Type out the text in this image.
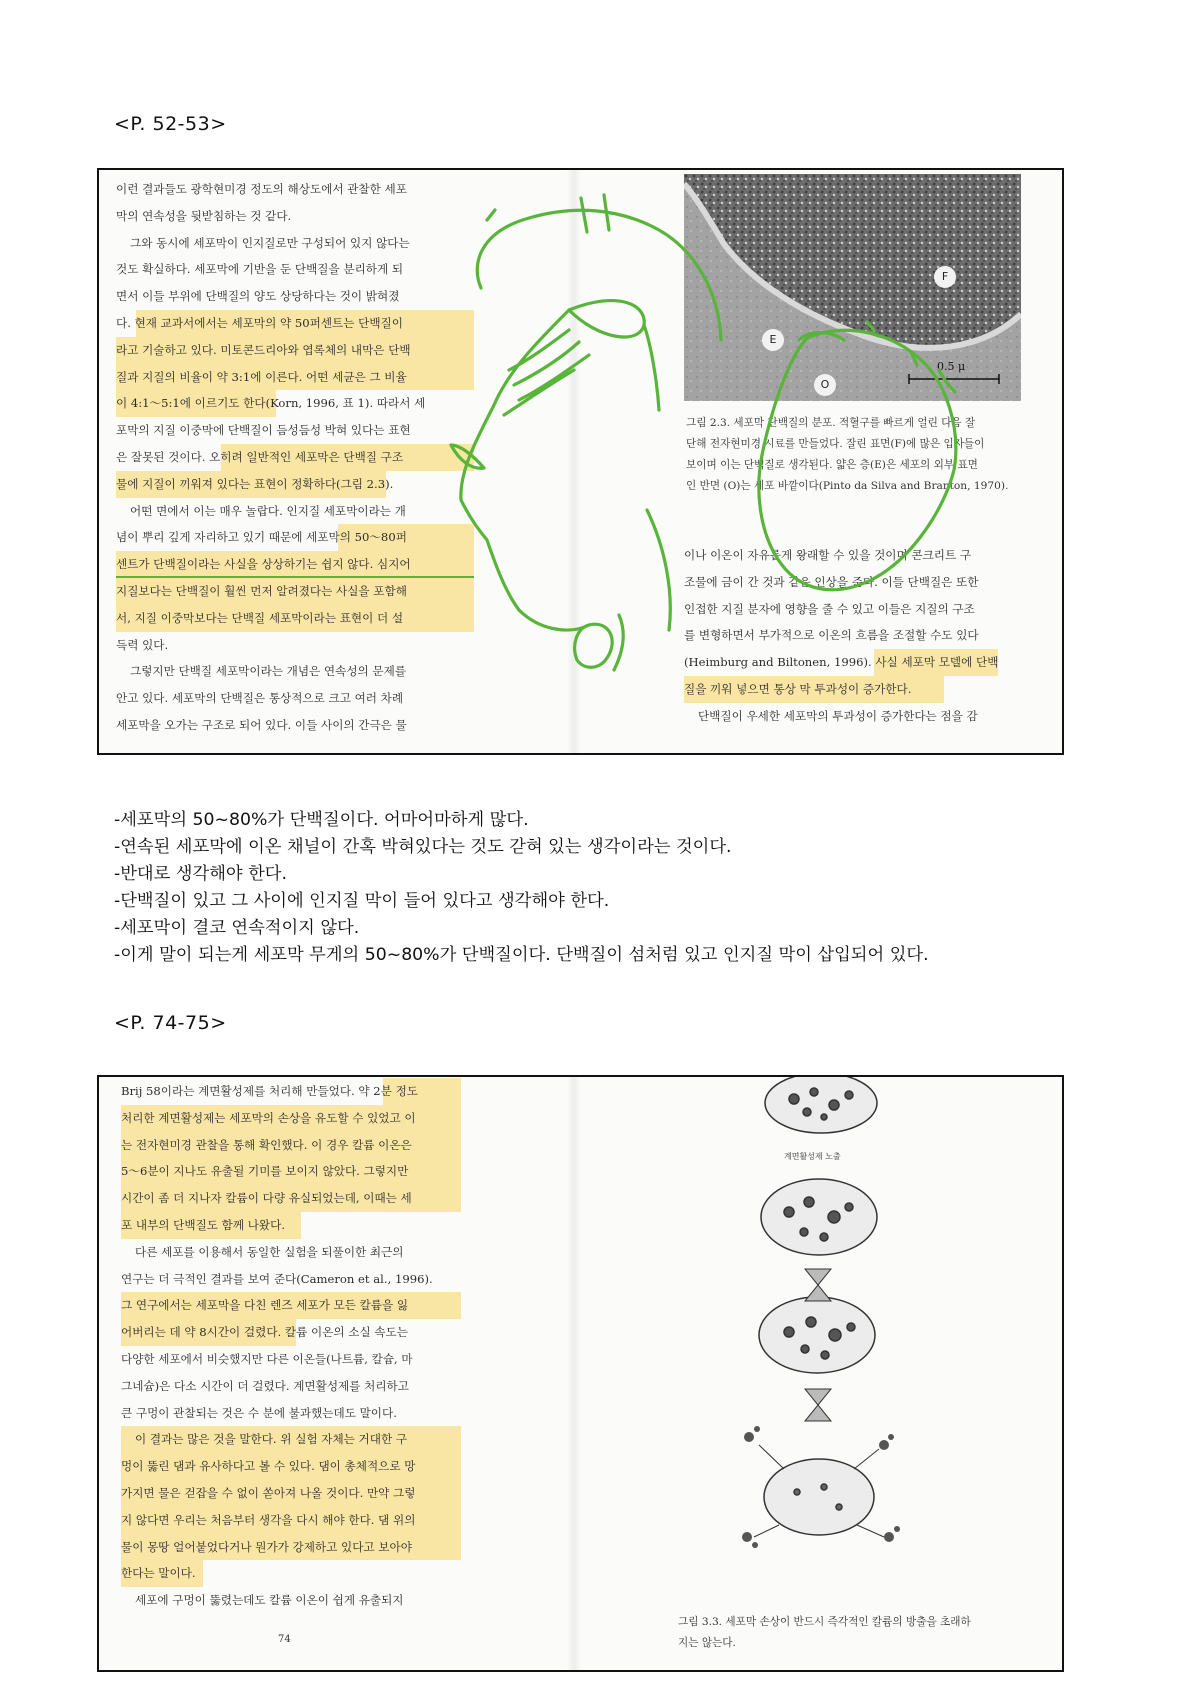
<P. 52-53>
이런 결과들도 광학현미경 정도의 해상도에서 관찰한 세포
막의 연속성을 뒷받침하는 것 같다.
그와 동시에 세포막이 인지질로만 구성되어 있지 않다는
것도 확실하다. 세포막에 기반을 둔 단백질을 분리하게 되
면서 이들 부위에 단백질의 양도 상당하다는 것이 밝혀졌
다. 현재 교과서에서는 세포막의 약 50퍼센트는 단백질이
라고 기술하고 있다. 미토콘드리아와 엽록체의 내막은 단백
질과 지질의 비율이 약 3:1에 이른다. 어떤 세균은 그 비율
이 4:1～5:1에 이르기도 한다(Korn, 1996, 표 1). 따라서 세
포막의 지질 이중막에 단백질이 듬성듬성 박혀 있다는 표현
은 잘못된 것이다. 오히려 일반적인 세포막은 단백질 구조
물에 지질이 끼워져 있다는 표현이 정확하다(그림 2.3).
어떤 면에서 이는 매우 놀랍다. 인지질 세포막이라는 개
념이 뿌리 깊게 자리하고 있기 때문에 세포막의 50～80퍼
센트가 단백질이라는 사실을 상상하기는 쉽지 않다. 심지어
지질보다는 단백질이 훨씬 먼저 알려졌다는 사실을 포함해
서, 지질 이중막보다는 단백질 세포막이라는 표현이 더 설
득력 있다.
그렇지만 단백질 세포막이라는 개념은 연속성의 문제를
안고 있다. 세포막의 단백질은 통상적으로 크고 여러 차례
세포막을 오가는 구조로 되어 있다. 이들 사이의 간극은 물
F
E
O
0.5 μ
그림 2.3. 세포막 단백질의 분포. 적혈구를 빠르게 얼린 다음 잘
단해 전자현미경 시료를 만들었다. 잘린 표면(F)에 많은 입자들이
보이며 이는 단백질로 생각된다. 얇은 층(E)은 세포의 외부 표면
인 반면 (O)는 세포 바깥이다(Pinto da Silva and Branton, 1970).
이나 이온이 자유롭게 왕래할 수 있을 것이며 콘크리트 구
조물에 금이 간 것과 같은 인상을 준다. 이들 단백질은 또한
인접한 지질 분자에 영향을 줄 수 있고 이들은 지질의 구조
를 변형하면서 부가적으로 이온의 흐름을 조절할 수도 있다
(Heimburg and Biltonen, 1996). 사실 세포막 모델에 단백
질을 끼워 넣으면 통상 막 투과성이 증가한다.
단백질이 우세한 세포막의 투과성이 증가한다는 점을 감
-세포막의 50~80%가 단백질이다. 어마어마하게 많다.
-연속된 세포막에 이온 채널이 간혹 박혀있다는 것도 갇혀 있는 생각이라는 것이다.
-반대로 생각해야 한다.
-단백질이 있고 그 사이에 인지질 막이 들어 있다고 생각해야 한다.
-세포막이 결코 연속적이지 않다.
-이게 말이 되는게 세포막 무게의 50~80%가 단백질이다. 단백질이 섬처럼 있고 인지질 막이 삽입되어 있다.
<P. 74-75>
Brij 58이라는 계면활성제를 처리해 만들었다. 약 2분 정도
처리한 계면활성제는 세포막의 손상을 유도할 수 있었고 이
는 전자현미경 관찰을 통해 확인했다. 이 경우 칼륨 이온은
5～6분이 지나도 유출될 기미를 보이지 않았다. 그렇지만
시간이 좀 더 지나자 칼륨이 다량 유실되었는데, 이때는 세
포 내부의 단백질도 함께 나왔다.
다른 세포를 이용해서 동일한 실험을 되풀이한 최근의
연구는 더 극적인 결과를 보여 준다(Cameron et al., 1996).
그 연구에서는 세포막을 다친 렌즈 세포가 모든 칼륨을 잃
어버리는 데 약 8시간이 걸렸다. 칼륨 이온의 소실 속도는
다양한 세포에서 비슷했지만 다른 이온들(나트륨, 칼슘, 마
그네슘)은 다소 시간이 더 걸렸다. 계면활성제를 처리하고
큰 구멍이 관찰되는 것은 수 분에 불과했는데도 말이다.
이 결과는 많은 것을 말한다. 위 실험 자체는 거대한 구
멍이 뚫린 댐과 유사하다고 볼 수 있다. 댐이 총체적으로 망
가지면 물은 걷잡을 수 없이 쏟아져 나올 것이다. 만약 그렇
지 않다면 우리는 처음부터 생각을 다시 해야 한다. 댐 위의
물이 몽땅 얼어붙었다거나 뭔가가 강제하고 있다고 보아야
한다는 말이다.
세포에 구멍이 뚫렸는데도 칼륨 이온이 쉽게 유출되지
74
계면활성제 노출
그림 3.3. 세포막 손상이 반드시 즉각적인 칼륨의 방출을 초래하
지는 않는다.
